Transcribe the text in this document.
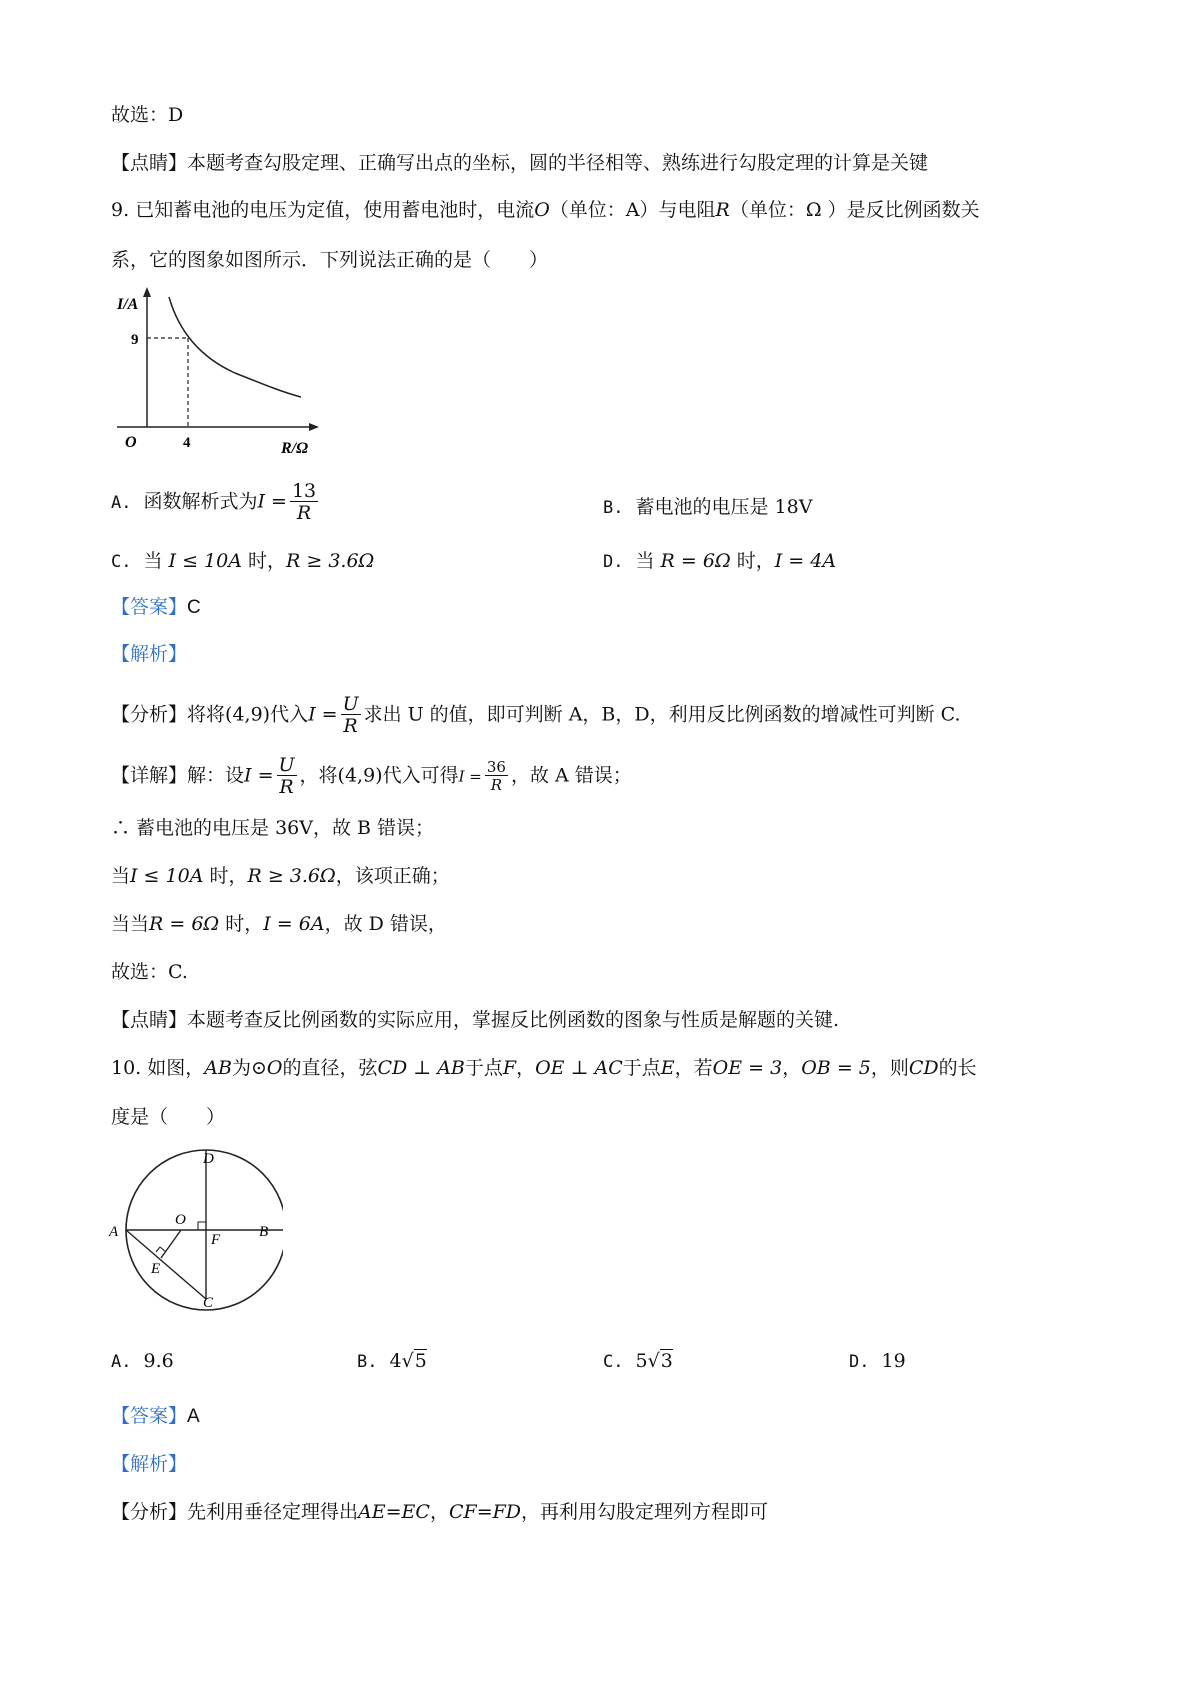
故选：D
【点睛】本题考查勾股定理、正确写出点的坐标，圆的半径相等、熟练进行勾股定理的计算是关键
9. 已知蓄电池的电压为定值，使用蓄电池时，电流O（单位：A）与电阻R（单位：Ω ）是反比例函数关
系，它的图象如图所示．下列说法正确的是（　　）
I/A
9
O	4	R/Ω
A. 函数解析式为$I = \frac{13}{R}$	B. 蓄电池的电压是 18V
C. 当 I ≤ 10A 时，R ≥ 3.6Ω	D. 当 R = 6Ω 时，I = 4A
【答案】C
【解析】
【分析】将将(4,9)代入$I = \frac{U}{R}$ 求出 U 的值，即可判断 A，B，D，利用反比例函数的增减性可判断 C.
【详解】解：设$I = \frac{U}{R}$ ，将(4,9)代入可得$I = \frac{36}{R}$ ，故 A 错误；
∴ 蓄电池的电压是 36V，故 B 错误；
当I ≤ 10A 时，R ≥ 3.6Ω，该项正确；
当当R = 6Ω 时，I = 6A，故 D 错误，
故选：C.
【点睛】本题考查反比例函数的实际应用，掌握反比例函数的图象与性质是解题的关键.
10. 如图，AB为⊙O的直径，弦CD ⊥ AB于点F，OE ⊥ AC于点E，若OE = 3，OB = 5，则CD的长
度是（　　）
A	B
D
C
O
F
E
A. 9.6	B. 4√5	C. 5√3	D. 19
【答案】A
【解析】
【分析】先利用垂径定理得出AE=EC，CF=FD，再利用勾股定理列方程即可
